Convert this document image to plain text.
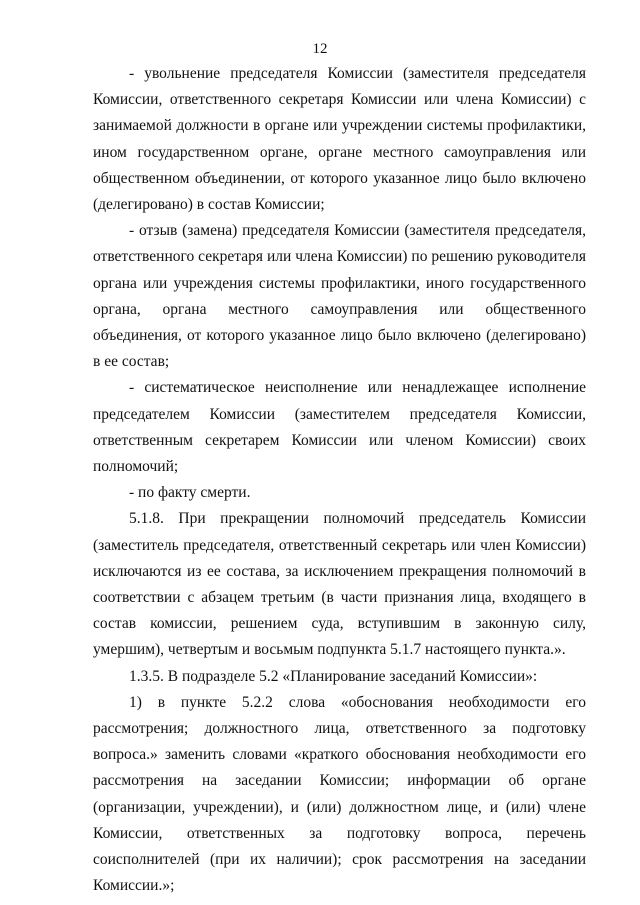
12

- увольнение председателя Комиссии (заместителя председателя Комиссии, ответственного секретаря Комиссии или члена Комиссии) с занимаемой должности в органе или учреждении системы профилактики, ином государственном органе, органе местного самоуправления или общественном объединении, от которого указанное лицо было включено (делегировано) в состав Комиссии;

- отзыв (замена) председателя Комиссии (заместителя председателя, ответственного секретаря или члена Комиссии) по решению руководителя органа или учреждения системы профилактики, иного государственного органа, органа местного самоуправления или общественного объединения, от которого указанное лицо было включено (делегировано) в ее состав;

- систематическое неисполнение или ненадлежащее исполнение председателем Комиссии (заместителем председателя Комиссии, ответственным секретарем Комиссии или членом Комиссии) своих полномочий;

- по факту смерти.

5.1.8. При прекращении полномочий председатель Комиссии (заместитель председателя, ответственный секретарь или член Комиссии) исключаются из ее состава, за исключением прекращения полномочий в соответствии с абзацем третьим (в части признания лица, входящего в состав комиссии, решением суда, вступившим в законную силу, умершим), четвертым и восьмым подпункта 5.1.7 настоящего пункта.».

1.3.5. В подразделе 5.2 «Планирование заседаний Комиссии»:

1) в пункте 5.2.2 слова «обоснования необходимости его рассмотрения; должностного лица, ответственного за подготовку вопроса.» заменить словами «краткого обоснования необходимости его рассмотрения на заседании Комиссии; информации об органе (организации, учреждении), и (или) должностном лице, и (или) члене Комиссии, ответственных за подготовку вопроса, перечень соисполнителей (при их наличии); срок рассмотрения на заседании Комиссии.»;
